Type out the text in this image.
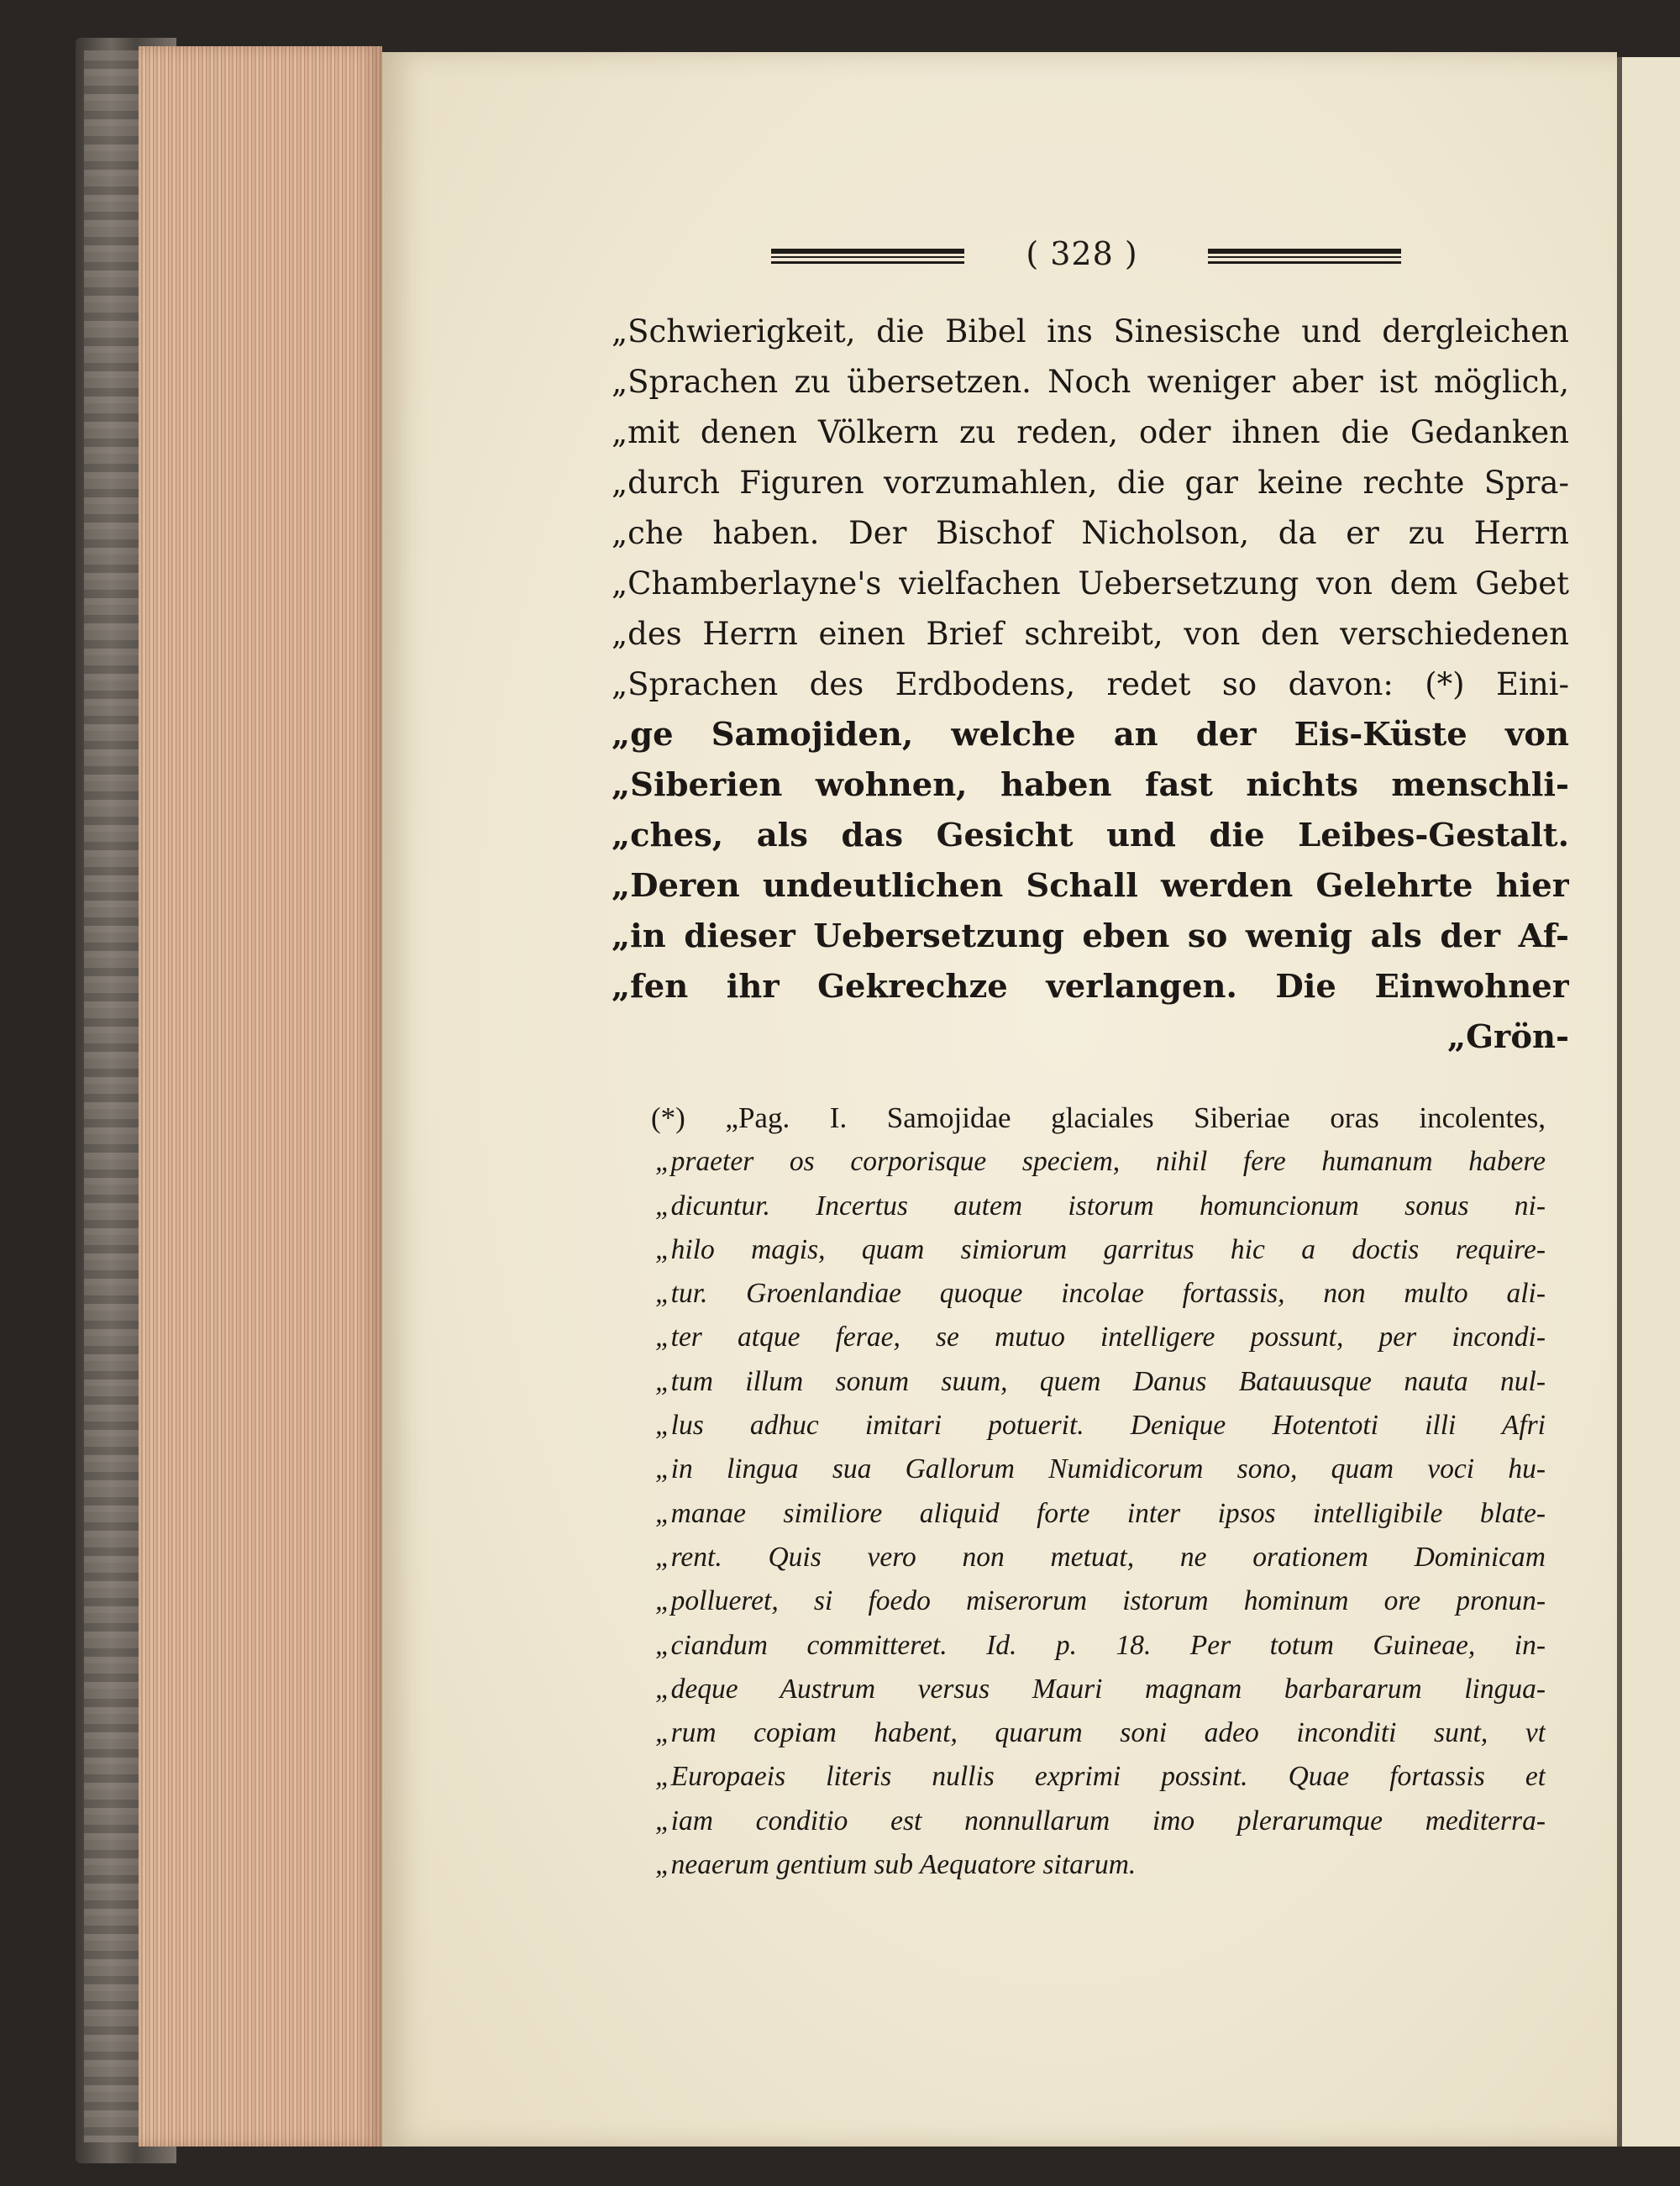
( 328 )
„Schwierigkeit, die Bibel ins Sinesische und dergleichen
„Sprachen zu übersetzen. Noch weniger aber ist möglich,
„mit denen Völkern zu reden, oder ihnen die Gedanken
„durch Figuren vorzumahlen, die gar keine rechte Spra-
„che haben. Der Bischof Nicholson, da er zu Herrn
„Chamberlayne's vielfachen Uebersetzung von dem Gebet
„des Herrn einen Brief schreibt, von den verschiedenen
„Sprachen des Erdbodens, redet so davon: (*) Eini-
„ge Samojiden, welche an der Eis-Küste von
„Siberien wohnen, haben fast nichts menschli-
„ches, als das Gesicht und die Leibes-Gestalt.
„Deren undeutlichen Schall werden Gelehrte hier
„in dieser Uebersetzung eben so wenig als der Af-
„fen ihr Gekrechze verlangen. Die Einwohner
„Grön-
(*) „Pag. I. Samojidae glaciales Siberiae oras incolentes,
„praeter os corporisque speciem, nihil fere humanum habere
„dicuntur. Incertus autem istorum homuncionum sonus ni-
„hilo magis, quam simiorum garritus hic a doctis require-
„tur. Groenlandiae quoque incolae fortassis, non multo ali-
„ter atque ferae, se mutuo intelligere possunt, per incondi-
„tum illum sonum suum, quem Danus Batauusque nauta nul-
„lus adhuc imitari potuerit. Denique Hotentoti illi Afri
„in lingua sua Gallorum Numidicorum sono, quam voci hu-
„manae similiore aliquid forte inter ipsos intelligibile blate-
„rent. Quis vero non metuat, ne orationem Dominicam
„pollueret, si foedo miserorum istorum hominum ore pronun-
„ciandum committeret. Id. p. 18. Per totum Guineae, in-
„deque Austrum versus Mauri magnam barbararum lingua-
„rum copiam habent, quarum soni adeo inconditi sunt, vt
„Europaeis literis nullis exprimi possint. Quae fortassis et
„iam conditio est nonnullarum imo plerarumque mediterra-
„neaerum gentium sub Aequatore sitarum.
